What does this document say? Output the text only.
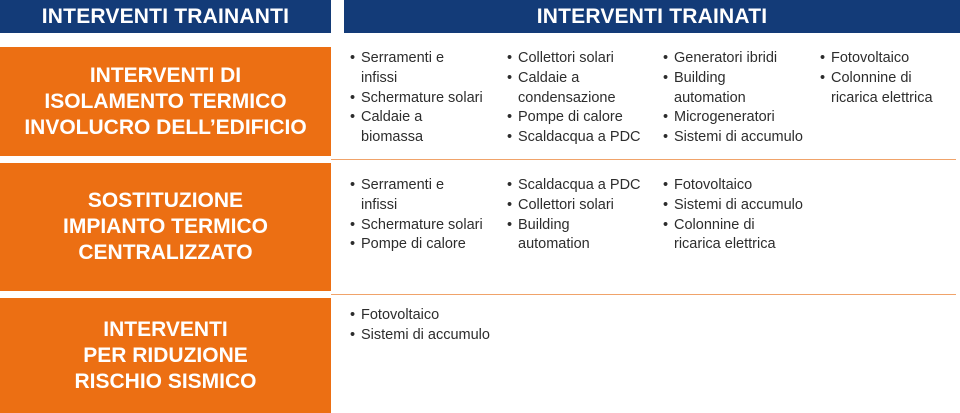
INTERVENTI TRAINANTI	INTERVENTI TRAINATI
INTERVENTI DI
ISOLAMENTO TERMICO
INVOLUCRO DELL’EDIFICIO
SOSTITUZIONE
IMPIANTO TERMICO
CENTRALIZZATO
INTERVENTI
PER RIDUZIONE
RISCHIO SISMICO
• Serramenti e
infissi
• Schermature solari
• Caldaie a
biomassa
• Collettori solari
• Caldaie a
condensazione
• Pompe di calore
• Scaldacqua a PDC
• Generatori ibridi
• Building
automation
• Microgeneratori
• Sistemi di accumulo
• Fotovoltaico
• Colonnine di
ricarica elettrica
• Serramenti e
infissi
• Schermature solari
• Pompe di calore
• Scaldacqua a PDC
• Collettori solari
• Building
automation
• Fotovoltaico
• Sistemi di accumulo
• Colonnine di
ricarica elettrica
• Fotovoltaico
• Sistemi di accumulo
